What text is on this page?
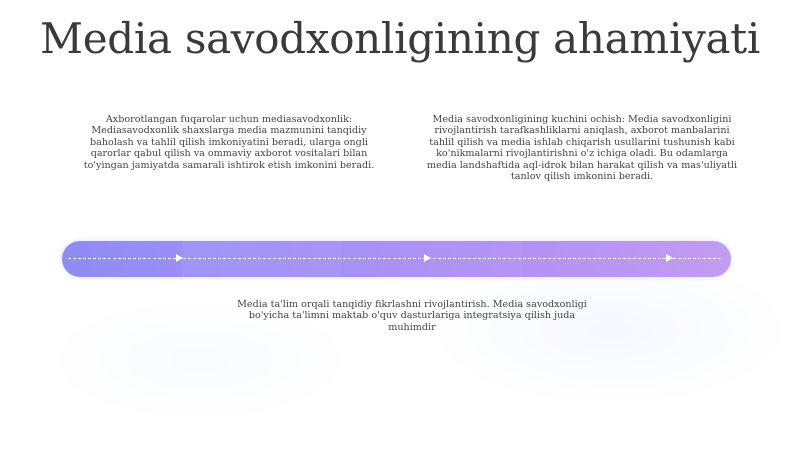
Media savodxonligining ahamiyati

Axborotlangan fuqarolar uchun mediasavodxonlik: Mediasavodxonlik shaxslarga media mazmunini tanqidiy baholash va tahlil qilish imkoniyatini beradi, ularga ongli qarorlar qabul qilish va ommaviy axborot vositalari bilan to'yingan jamiyatda samarali ishtirok etish imkonini beradi.

Media savodxonligining kuchini ochish: Media savodxonligini rivojlantirish tarafkashliklarni aniqlash, axborot manbalarini tahlil qilish va media ishlab chiqarish usullarini tushunish kabi ko'nikmalarni rivojlantirishni o'z ichiga oladi. Bu odamlarga media landshaftida aql-idrok bilan harakat qilish va mas'uliyatli tanlov qilish imkonini beradi.

Media ta'lim orqali tanqidiy fikrlashni rivojlantirish. Media savodxonligi bo'yicha ta'limni maktab o'quv dasturlariga integratsiya qilish juda muhimdir
